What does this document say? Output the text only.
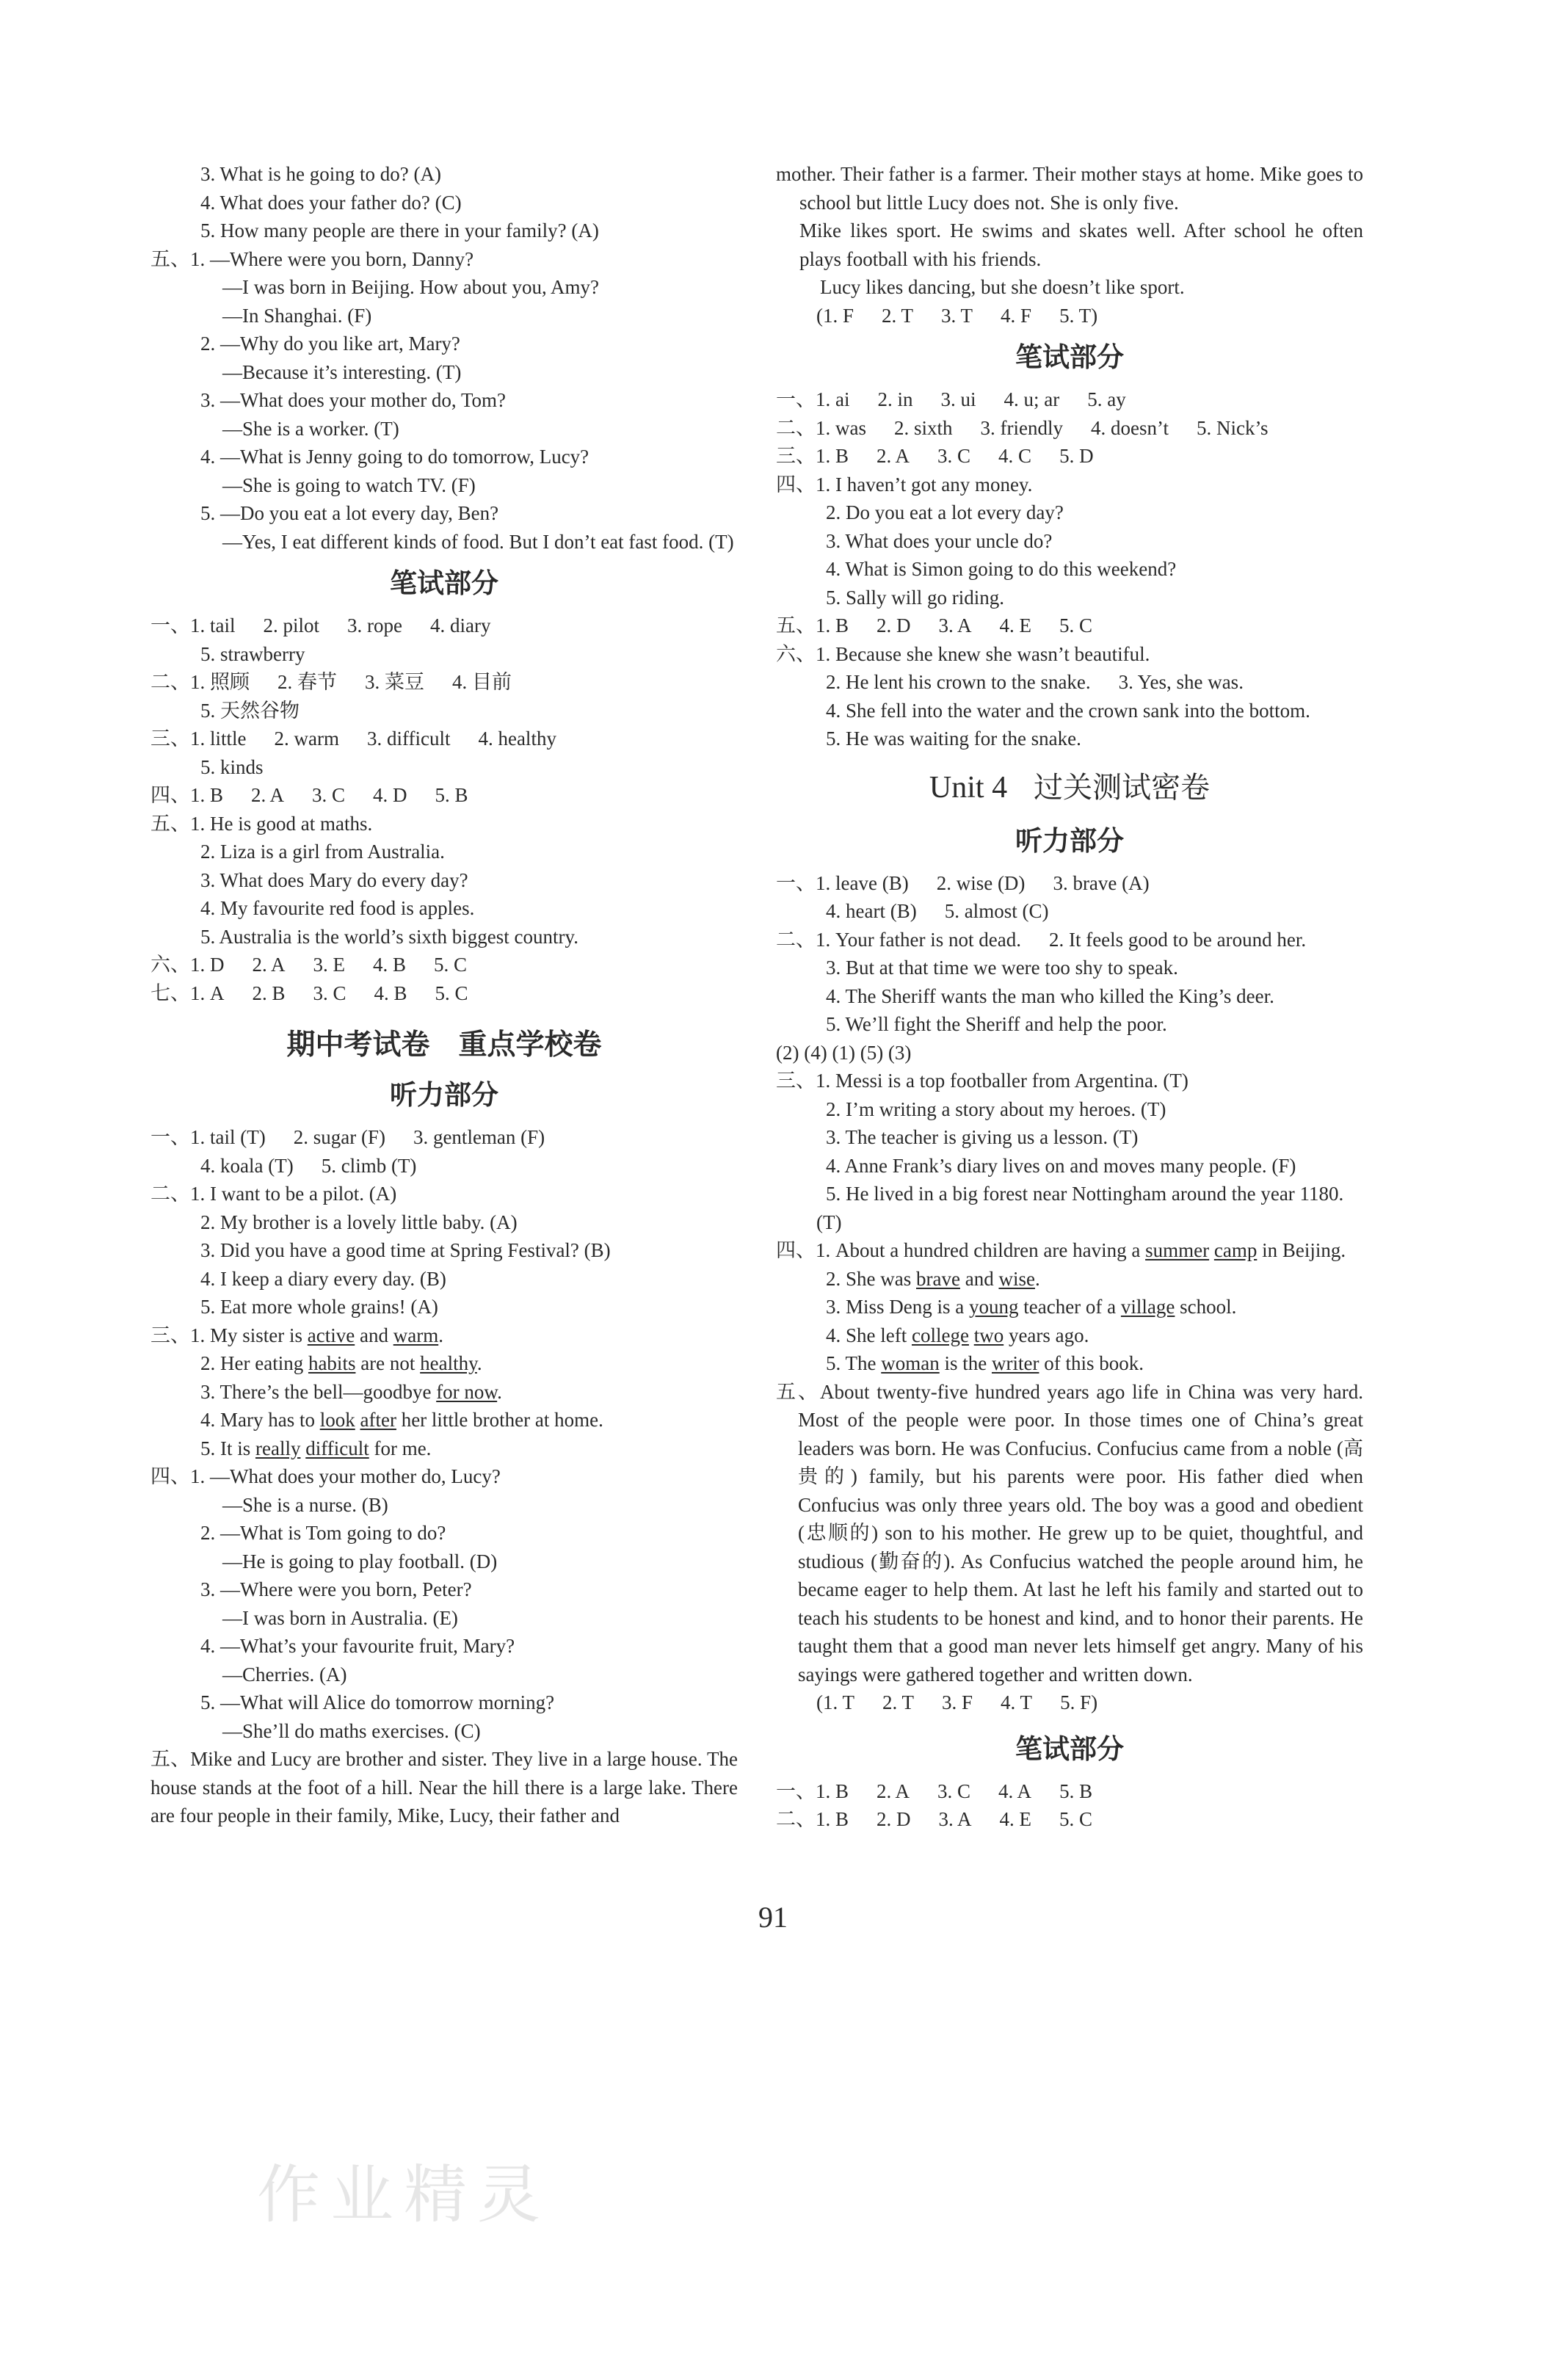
3. What is he going to do? (A)
4. What does your father do? (C)
5. How many people are there in your family? (A)
五、1. —Where were you born, Danny?
—I was born in Beijing. How about you, Amy?
—In Shanghai. (F)
2. —Why do you like art, Mary?
—Because it’s interesting. (T)
3. —What does your mother do, Tom?
—She is a worker. (T)
4. —What is Jenny going to do tomorrow, Lucy?
—She is going to watch TV. (F)
5. —Do you eat a lot every day, Ben?
—Yes, I eat different kinds of food. But I don’t eat fast food. (T)
笔试部分
一、1. tail 2. pilot 3. rope 4. diary
5. strawberry
二、1. 照顾 2. 春节 3. 菜豆 4. 目前
5. 天然谷物
三、1. little 2. warm 3. difficult 4. healthy
5. kinds
四、1. B 2. A 3. C 4. D 5. B
五、1. He is good at maths.
2. Liza is a girl from Australia.
3. What does Mary do every day?
4. My favourite red food is apples.
5. Australia is the world’s sixth biggest country.
六、1. D 2. A 3. E 4. B 5. C
七、1. A 2. B 3. C 4. B 5. C
期中考试卷　重点学校卷
听力部分
一、1. tail (T) 2. sugar (F) 3. gentleman (F)
4. koala (T) 5. climb (T)
二、1. I want to be a pilot. (A)
2. My brother is a lovely little baby. (A)
3. Did you have a good time at Spring Festival? (B)
4. I keep a diary every day. (B)
5. Eat more whole grains! (A)
三、1. My sister is active and warm.
2. Her eating habits are not healthy.
3. There’s the bell—goodbye for now.
4. Mary has to look after her little brother at home.
5. It is really difficult for me.
四、1. —What does your mother do, Lucy?
—She is a nurse. (B)
2. —What is Tom going to do?
—He is going to play football. (D)
3. —Where were you born, Peter?
—I was born in Australia. (E)
4. —What’s your favourite fruit, Mary?
—Cherries. (A)
5. —What will Alice do tomorrow morning?
—She’ll do maths exercises. (C)
五、Mike and Lucy are brother and sister. They live in a large house. The house stands at the foot of a hill. Near the hill there is a large lake. There are four people in their family, Mike, Lucy, their father and
mother. Their father is a farmer. Their mother stays at home. Mike goes to school but little Lucy does not. She is only five.
Mike likes sport. He swims and skates well. After school he often plays football with his friends.
Lucy likes dancing, but she doesn’t like sport.
(1. F 2. T 3. T 4. F 5. T)
笔试部分
一、1. ai 2. in 3. ui 4. u; ar 5. ay
二、1. was 2. sixth 3. friendly 4. doesn’t 5. Nick’s
三、1. B 2. A 3. C 4. C 5. D
四、1. I haven’t got any money.
2. Do you eat a lot every day?
3. What does your uncle do?
4. What is Simon going to do this weekend?
5. Sally will go riding.
五、1. B 2. D 3. A 4. E 5. C
六、1. Because she knew she wasn’t beautiful.
2. He lent his crown to the snake. 3. Yes, she was.
4. She fell into the water and the crown sank into the bottom.
5. He was waiting for the snake.
Unit 4 过关测试密卷
听力部分
一、1. leave (B) 2. wise (D) 3. brave (A)
4. heart (B) 5. almost (C)
二、1. Your father is not dead. 2. It feels good to be around her.
3. But at that time we were too shy to speak.
4. The Sheriff wants the man who killed the King’s deer.
5. We’ll fight the Sheriff and help the poor.
(2) (4) (1) (5) (3)
三、1. Messi is a top footballer from Argentina. (T)
2. I’m writing a story about my heroes. (T)
3. The teacher is giving us a lesson. (T)
4. Anne Frank’s diary lives on and moves many people. (F)
5. He lived in a big forest near Nottingham around the year 1180.
(T)
四、1. About a hundred children are having a summer camp in Beijing.
2. She was brave and wise.
3. Miss Deng is a young teacher of a village school.
4. She left college two years ago.
5. The woman is the writer of this book.
五、About twenty-five hundred years ago life in China was very hard. Most of the people were poor. In those times one of China’s great leaders was born. He was Confucius. Confucius came from a noble (高贵的) family, but his parents were poor. His father died when Confucius was only three years old. The boy was a good and obedient (忠顺的) son to his mother. He grew up to be quiet, thoughtful, and studious (勤奋的). As Confucius watched the people around him, he became eager to help them. At last he left his family and started out to teach his students to be honest and kind, and to honor their parents. He taught them that a good man never lets himself get angry. Many of his sayings were gathered together and written down.
(1. T 2. T 3. F 4. T 5. F)
笔试部分
一、1. B 2. A 3. C 4. A 5. B
二、1. B 2. D 3. A 4. E 5. C
91
作业精灵
